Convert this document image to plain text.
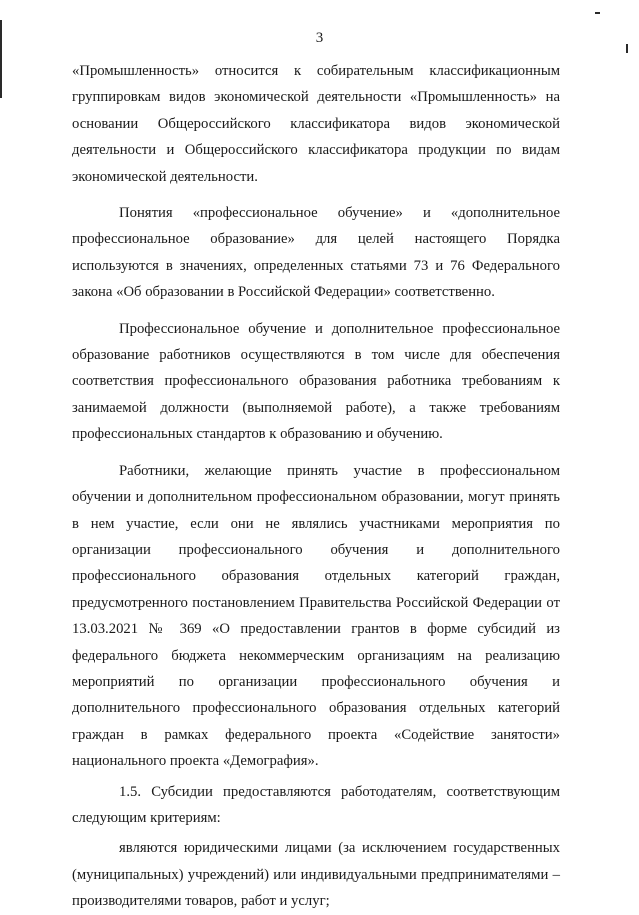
3

«Промышленность» относится к собирательным классификационным группировкам видов экономической деятельности «Промышленность» на основании Общероссийского классификатора видов экономической деятельности и Общероссийского классификатора продукции по видам экономической деятельности.

Понятия «профессиональное обучение» и «дополнительное профессиональное образование» для целей настоящего Порядка используются в значениях, определенных статьями 73 и 76 Федерального закона «Об образовании в Российской Федерации» соответственно.

Профессиональное обучение и дополнительное профессиональное образование работников осуществляются в том числе для обеспечения соответствия профессионального образования работника требованиям к занимаемой должности (выполняемой работе), а также требованиям профессиональных стандартов к образованию и обучению.

Работники, желающие принять участие в профессиональном обучении и дополнительном профессиональном образовании, могут принять в нем участие, если они не являлись участниками мероприятия по организации профессионального обучения и дополнительного профессионального образования отдельных категорий граждан, предусмотренного постановлением Правительства Российской Федерации от 13.03.2021 № 369 «О предоставлении грантов в форме субсидий из федерального бюджета некоммерческим организациям на реализацию мероприятий по организации профессионального обучения и дополнительного профессионального образования отдельных категорий граждан в рамках федерального проекта «Содействие занятости» национального проекта «Демография».

1.5. Субсидии предоставляются работодателям, соответствующим следующим критериям:

являются юридическими лицами (за исключением государственных (муниципальных) учреждений) или индивидуальными предпринимателями – производителями товаров, работ и услуг;
